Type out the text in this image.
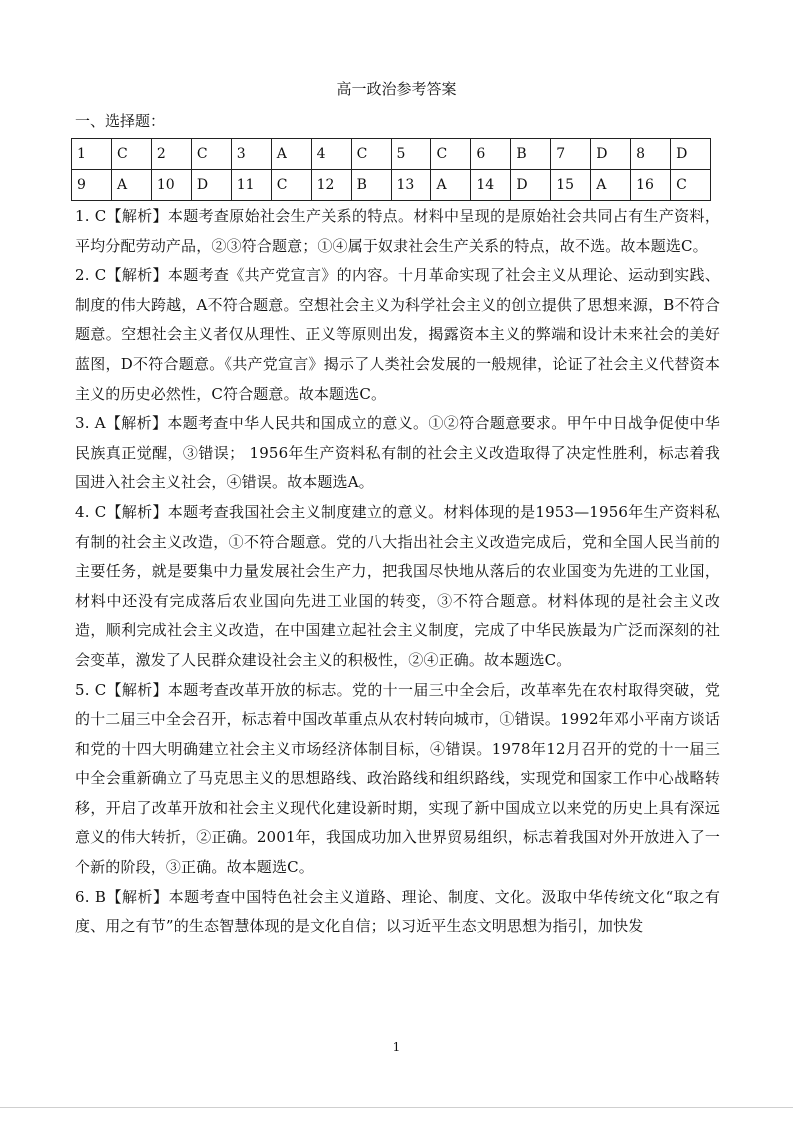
高一政治参考答案
一、选择题：
1	C	2	C	3	A	4	C	5	C	6	B	7	D	8	D
9	A	10	D	11	C	12	B	13	A	14	D	15	A	16	C

1. C【解析】本题考查原始社会生产关系的特点。材料中呈现的是原始社会共同占有生产资料，平均分配劳动产品，②③符合题意；①④属于奴隶社会生产关系的特点，故不选。故本题选C。

2. C【解析】本题考查《共产党宣言》的内容。十月革命实现了社会主义从理论、运动到实践、制度的伟大跨越，A不符合题意。空想社会主义为科学社会主义的创立提供了思想来源，B不符合题意。空想社会主义者仅从理性、正义等原则出发，揭露资本主义的弊端和设计未来社会的美好蓝图，D不符合题意。《共产党宣言》揭示了人类社会发展的一般规律，论证了社会主义代替资本主义的历史必然性，C符合题意。故本题选C。

3. A【解析】本题考查中华人民共和国成立的意义。①②符合题意要求。甲午中日战争促使中华民族真正觉醒，③错误； 1956年生产资料私有制的社会主义改造取得了决定性胜利，标志着我国进入社会主义社会，④错误。故本题选A。

4. C【解析】本题考查我国社会主义制度建立的意义。材料体现的是1953—1956年生产资料私有制的社会主义改造，①不符合题意。党的八大指出社会主义改造完成后，党和全国人民当前的主要任务，就是要集中力量发展社会生产力，把我国尽快地从落后的农业国变为先进的工业国，材料中还没有完成落后农业国向先进工业国的转变，③不符合题意。材料体现的是社会主义改造，顺利完成社会主义改造，在中国建立起社会主义制度，完成了中华民族最为广泛而深刻的社会变革，激发了人民群众建设社会主义的积极性，②④正确。故本题选C。

5. C【解析】本题考查改革开放的标志。党的十一届三中全会后，改革率先在农村取得突破，党的十二届三中全会召开，标志着中国改革重点从农村转向城市，①错误。1992年邓小平南方谈话和党的十四大明确建立社会主义市场经济体制目标，④错误。1978年12月召开的党的十一届三中全会重新确立了马克思主义的思想路线、政治路线和组织路线，实现党和国家工作中心战略转移，开启了改革开放和社会主义现代化建设新时期，实现了新中国成立以来党的历史上具有深远意义的伟大转折，②正确。2001年，我国成功加入世界贸易组织，标志着我国对外开放进入了一个新的阶段，③正确。故本题选C。

6. B【解析】本题考查中国特色社会主义道路、理论、制度、文化。汲取中华传统文化“取之有度、用之有节”的生态智慧体现的是文化自信；以习近平生态文明思想为指引，加快发

1
